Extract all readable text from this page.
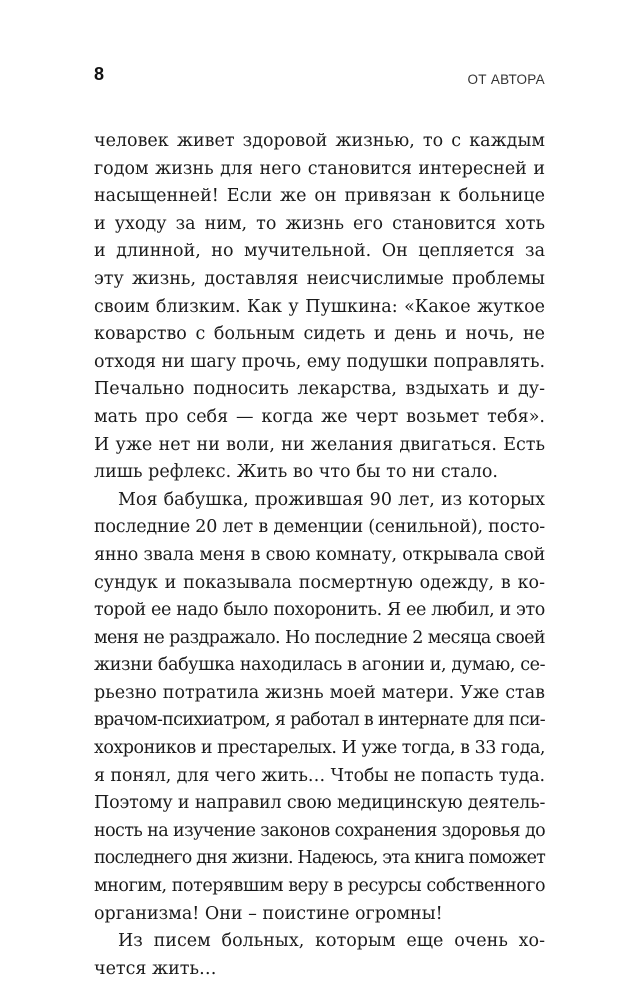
8	ОТ АВТОРА
человек живет здоровой жизнью, то с каждым
годом жизнь для него становится интересней и
насыщенней! Если же он привязан к больнице
и уходу за ним, то жизнь его становится хоть
и длинной, но мучительной. Он цепляется за
эту жизнь, доставляя неисчислимые проблемы
своим близким. Как у Пушкина: «Какое жуткое
коварство с больным сидеть и день и ночь, не
отходя ни шагу прочь, ему подушки поправлять.
Печально подносить лекарства, вздыхать и ду-
мать про себя — когда же черт возьмет тебя».
И уже нет ни воли, ни желания двигаться. Есть
лишь рефлекс. Жить во что бы то ни стало.
Моя бабушка, прожившая 90 лет, из которых
последние 20 лет в деменции (сенильной), посто-
янно звала меня в свою комнату, открывала свой
сундук и показывала посмертную одежду, в ко-
торой ее надо было похоронить. Я ее любил, и это
меня не раздражало. Но последние 2 месяца своей
жизни бабушка находилась в агонии и, думаю, се-
рьезно потратила жизнь моей матери. Уже став
врачом-психиатром, я работал в интернате для пси-
хохроников и престарелых. И уже тогда, в 33 года,
я понял, для чего жить… Чтобы не попасть туда.
Поэтому и направил свою медицинскую деятель-
ность на изучение законов сохранения здоровья до
последнего дня жизни. Надеюсь, эта книга поможет
многим, потерявшим веру в ресурсы собственного
организма! Они – поистине огромны!
Из писем больных, которым еще очень хо-
чется жить…
